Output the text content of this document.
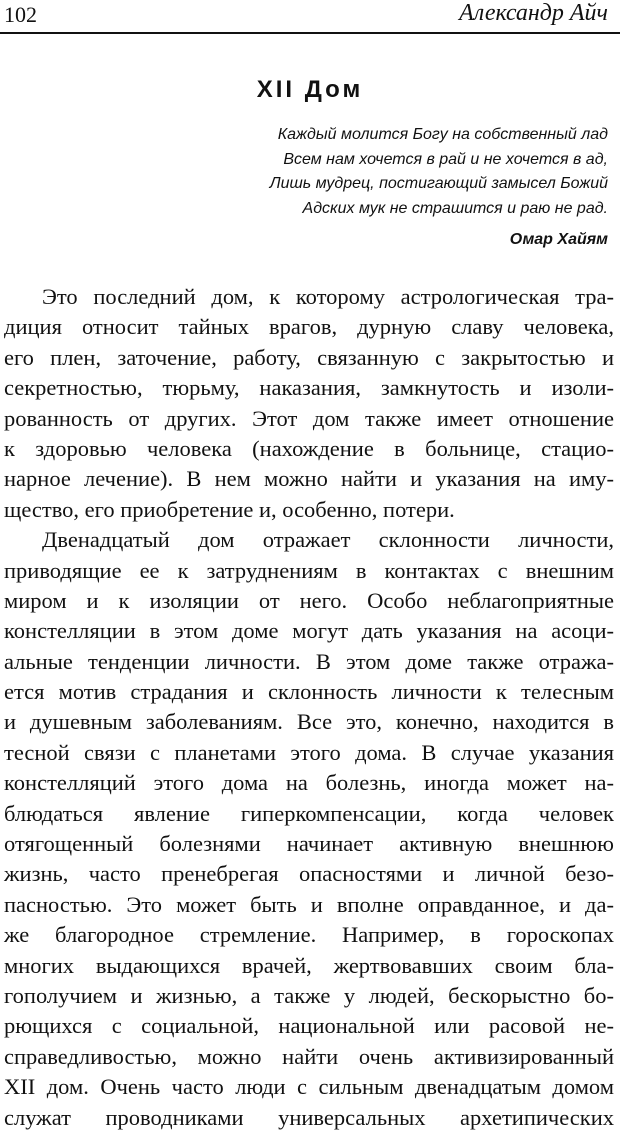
102	Александр Айч
XII Дом
Каждый молится Богу на собственный лад
Всем нам хочется в рай и не хочется в ад,
Лишь мудрец, постигающий замысел Божий
Адских мук не страшится и раю не рад.
Омар Хайям
Это последний дом, к которому астрологическая тра-
диция относит тайных врагов, дурную славу человека,
его плен, заточение, работу, связанную с закрытостью и
секретностью, тюрьму, наказания, замкнутость и изоли-
рованность от других. Этот дом также имеет отношение
к здоровью человека (нахождение в больнице, стацио-
нарное лечение). В нем можно найти и указания на иму-
щество, его приобретение и, особенно, потери.
Двенадцатый дом отражает склонности личности,
приводящие ее к затруднениям в контактах с внешним
миром и к изоляции от него. Особо неблагоприятные
констелляции в этом доме могут дать указания на асоци-
альные тенденции личности. В этом доме также отража-
ется мотив страдания и склонность личности к телесным
и душевным заболеваниям. Все это, конечно, находится в
тесной связи с планетами этого дома. В случае указания
констелляций этого дома на болезнь, иногда может на-
блюдаться явление гиперкомпенсации, когда человек
отягощенный болезнями начинает активную внешнюю
жизнь, часто пренебрегая опасностями и личной безо-
пасностью. Это может быть и вполне оправданное, и да-
же благородное стремление. Например, в гороскопах
многих выдающихся врачей, жертвовавших своим бла-
гополучием и жизнью, а также у людей, бескорыстно бо-
рющихся с социальной, национальной или расовой не-
справедливостью, можно найти очень активизированный
XII дом. Очень часто люди с сильным двенадцатым домом
служат проводниками универсальных архетипических
